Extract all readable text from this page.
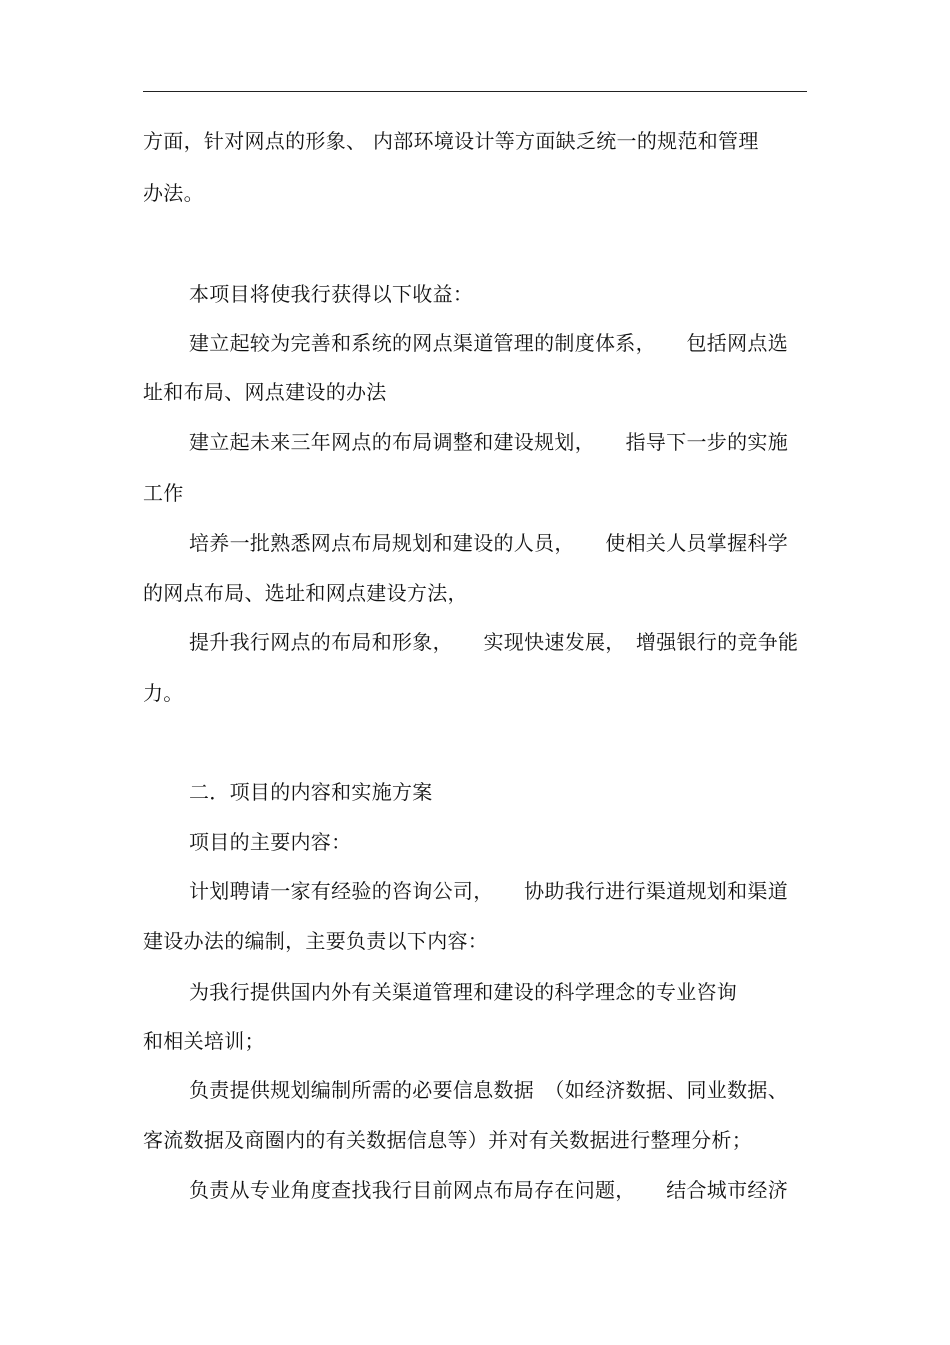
方面，针对网点的形象、 内部环境设计等方面缺乏统一的规范和管理
办法。
本项目将使我行获得以下收益：
建立起较为完善和系统的网点渠道管理的制度体系，　　包括网点选
址和布局、网点建设的办法
建立起未来三年网点的布局调整和建设规划，　　指导下一步的实施
工作
培养一批熟悉网点布局规划和建设的人员，　　使相关人员掌握科学
的网点布局、选址和网点建设方法，
提升我行网点的布局和形象，　　实现快速发展，　增强银行的竞争能
力。
二．项目的内容和实施方案
项目的主要内容：
计划聘请一家有经验的咨询公司，　　协助我行进行渠道规划和渠道
建设办法的编制，主要负责以下内容：
为我行提供国内外有关渠道管理和建设的科学理念的专业咨询
和相关培训；
负责提供规划编制所需的必要信息数据　（如经济数据、同业数据、
客流数据及商圈内的有关数据信息等）并对有关数据进行整理分析；
负责从专业角度查找我行目前网点布局存在问题，　　结合城市经济
